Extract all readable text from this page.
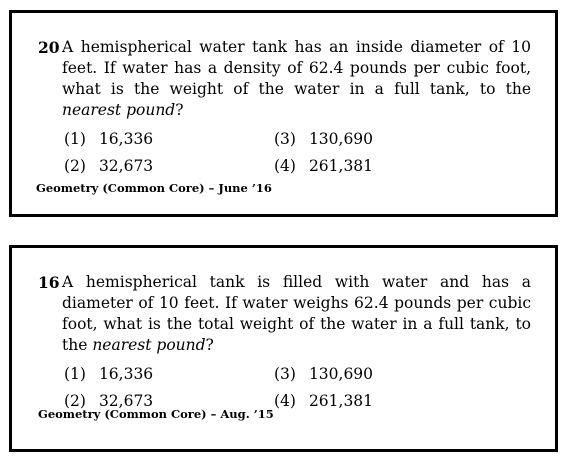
20 A hemispherical water tank has an inside diameter of 10 feet. If water has a density of 62.4 pounds per cubic foot, what is the weight of the water in a full tank, to the nearest pound?
(1) 16,336	(3) 130,690
(2) 32,673	(4) 261,381
Geometry (Common Core) – June ’16
16 A hemispherical tank is filled with water and has a diameter of 10 feet. If water weighs 62.4 pounds per cubic foot, what is the total weight of the water in a full tank, to the nearest pound?
(1) 16,336	(3) 130,690
(2) 32,673	(4) 261,381
Geometry (Common Core) – Aug. ’15
